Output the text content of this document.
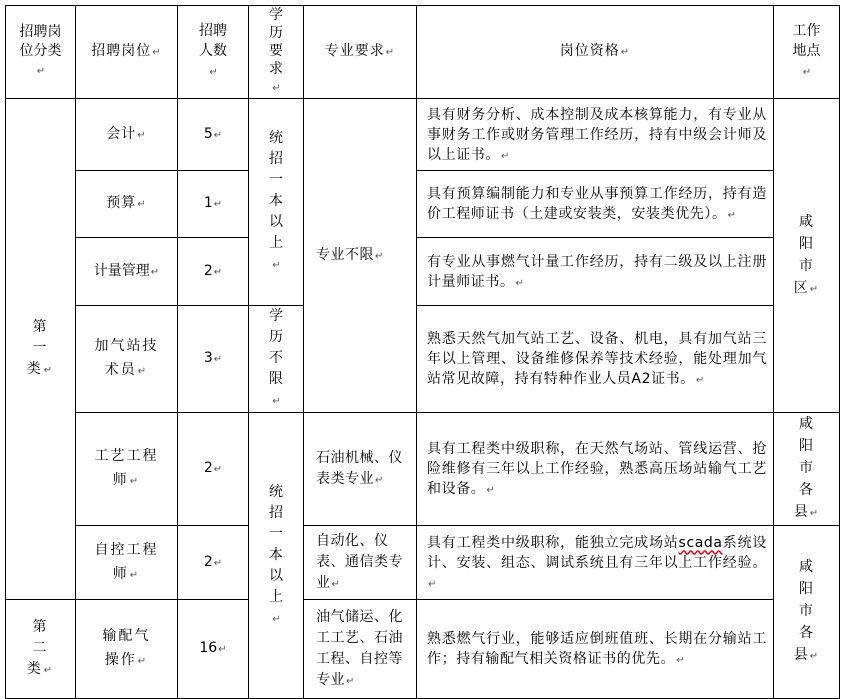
招聘岗位分类↵	招聘岗位↵	招聘人数↵	学历要求↵	专业要求↵	岗位资格↵	工作地点↵

第一类↵	会计↵	5↵	统招一本以上↵	专业不限↵	具有财务分析、成本控制及成本核算能力，有专业从事财务工作或财务管理工作经历，持有中级会计师及以上证书。↵	咸阳市区↵

	预算↵	1↵			具有预算编制能力和专业从事预算工作经历，持有造价工程师证书（土建或安装类，安装类优先）。↵	
	计量管理↵	2↵			有专业从事燃气计量工作经历，持有二级及以上注册计量师证书。↵	

	加气站技术员↵	3↵	学历不限↵		熟悉天然气加气站工艺、设备、机电，具有加气站三年以上管理、设备维修保养等技术经验，能处理加气站常见故障，持有特种作业人员A2证书。↵	

	工艺工程师↵	2↵	统招一本以上↵	石油机械、仪表类专业↵	具有工程类中级职称，在天然气场站、管线运营、抢险维修有三年以上工作经验，熟悉高压场站输气工艺和设备。↵	咸阳市各县↵

	自控工程师↵	2↵		自动化、仪表、通信类专业↵	具有工程类中级职称，能独立完成场站scada系统设计、安装、组态、调试系统且有三年以上工作经验。↵	咸阳市各县↵

第二类↵	输配气操作↵	16↵		油气储运、化工工艺、石油工程、自控等专业↵	熟悉燃气行业，能够适应倒班值班、长期在分输站工作；持有输配气相关资格证书的优先。↵	
